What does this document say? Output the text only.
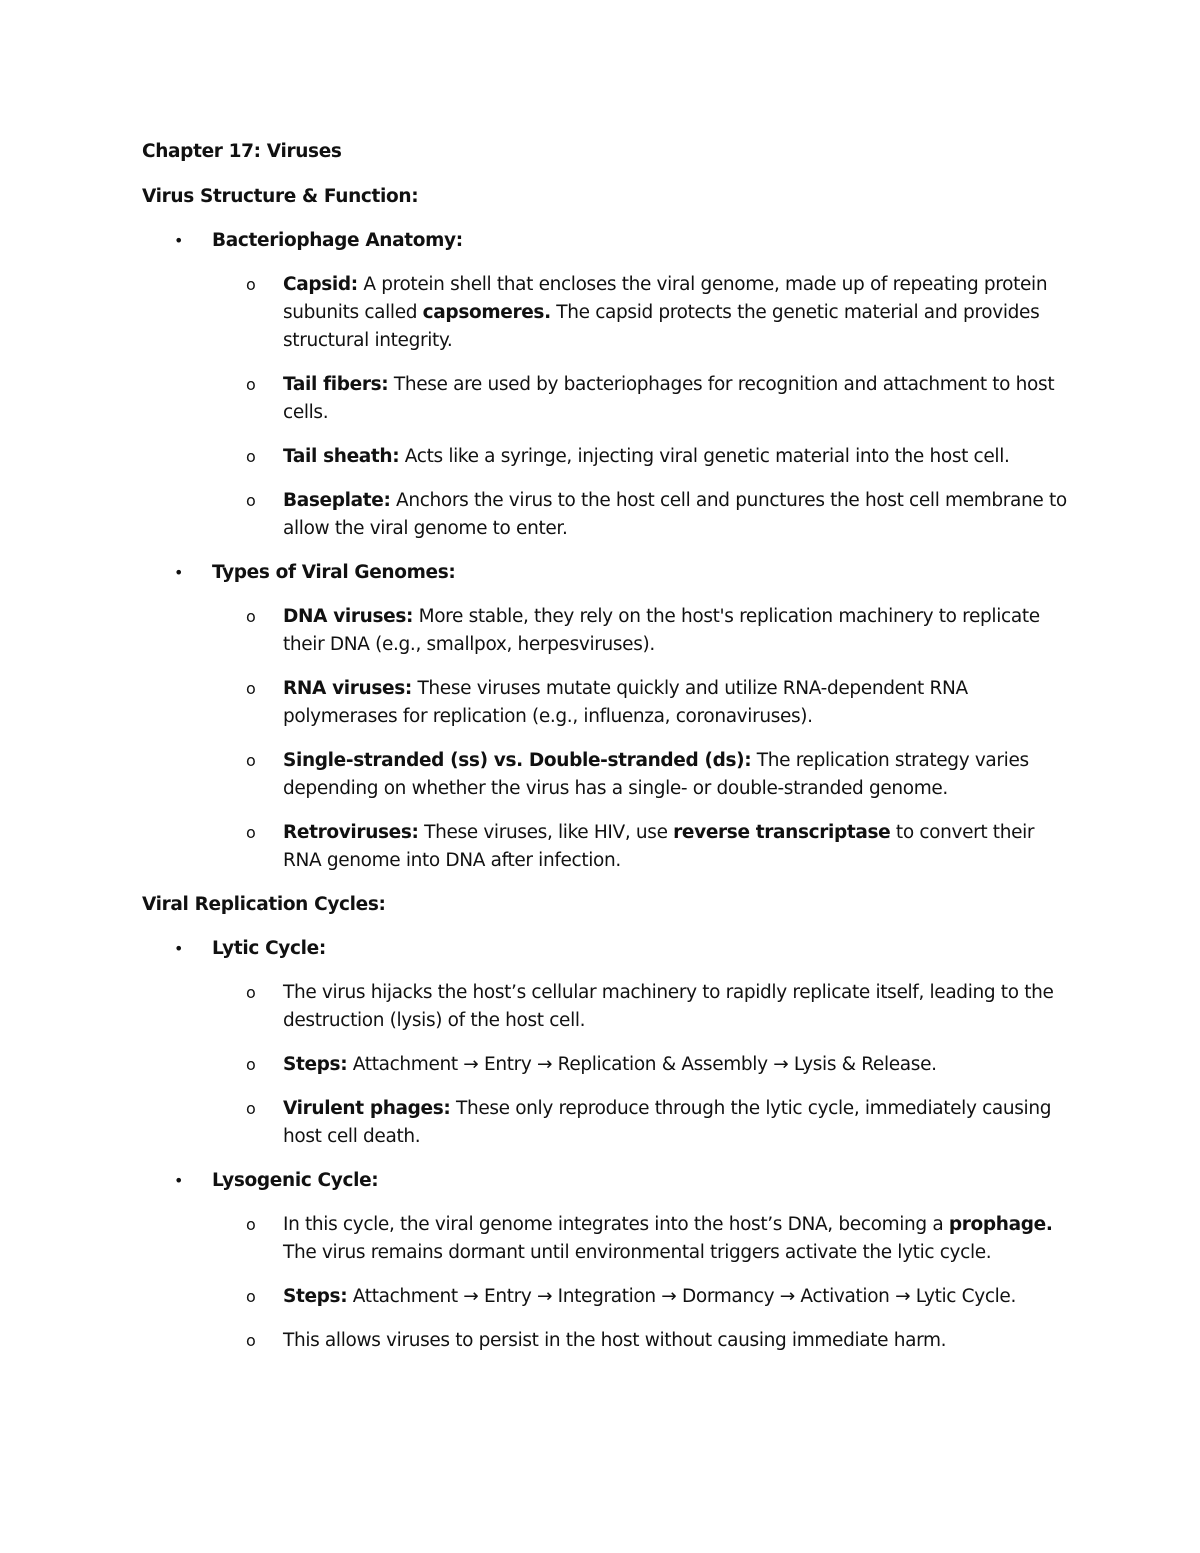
Chapter 17: Viruses
Virus Structure & Function:
• Bacteriophage Anatomy:
o Capsid: A protein shell that encloses the viral genome, made up of repeating protein subunits called capsomeres. The capsid protects the genetic material and provides structural integrity.
o Tail fibers: These are used by bacteriophages for recognition and attachment to host cells.
o Tail sheath: Acts like a syringe, injecting viral genetic material into the host cell.
o Baseplate: Anchors the virus to the host cell and punctures the host cell membrane to allow the viral genome to enter.
• Types of Viral Genomes:
o DNA viruses: More stable, they rely on the host's replication machinery to replicate their DNA (e.g., smallpox, herpesviruses).
o RNA viruses: These viruses mutate quickly and utilize RNA-dependent RNA polymerases for replication (e.g., influenza, coronaviruses).
o Single-stranded (ss) vs. Double-stranded (ds): The replication strategy varies depending on whether the virus has a single- or double-stranded genome.
o Retroviruses: These viruses, like HIV, use reverse transcriptase to convert their RNA genome into DNA after infection.
Viral Replication Cycles:
• Lytic Cycle:
o The virus hijacks the host’s cellular machinery to rapidly replicate itself, leading to the destruction (lysis) of the host cell.
o Steps: Attachment → Entry → Replication & Assembly → Lysis & Release.
o Virulent phages: These only reproduce through the lytic cycle, immediately causing host cell death.
• Lysogenic Cycle:
o In this cycle, the viral genome integrates into the host’s DNA, becoming a prophage. The virus remains dormant until environmental triggers activate the lytic cycle.
o Steps: Attachment → Entry → Integration → Dormancy → Activation → Lytic Cycle.
o This allows viruses to persist in the host without causing immediate harm.
